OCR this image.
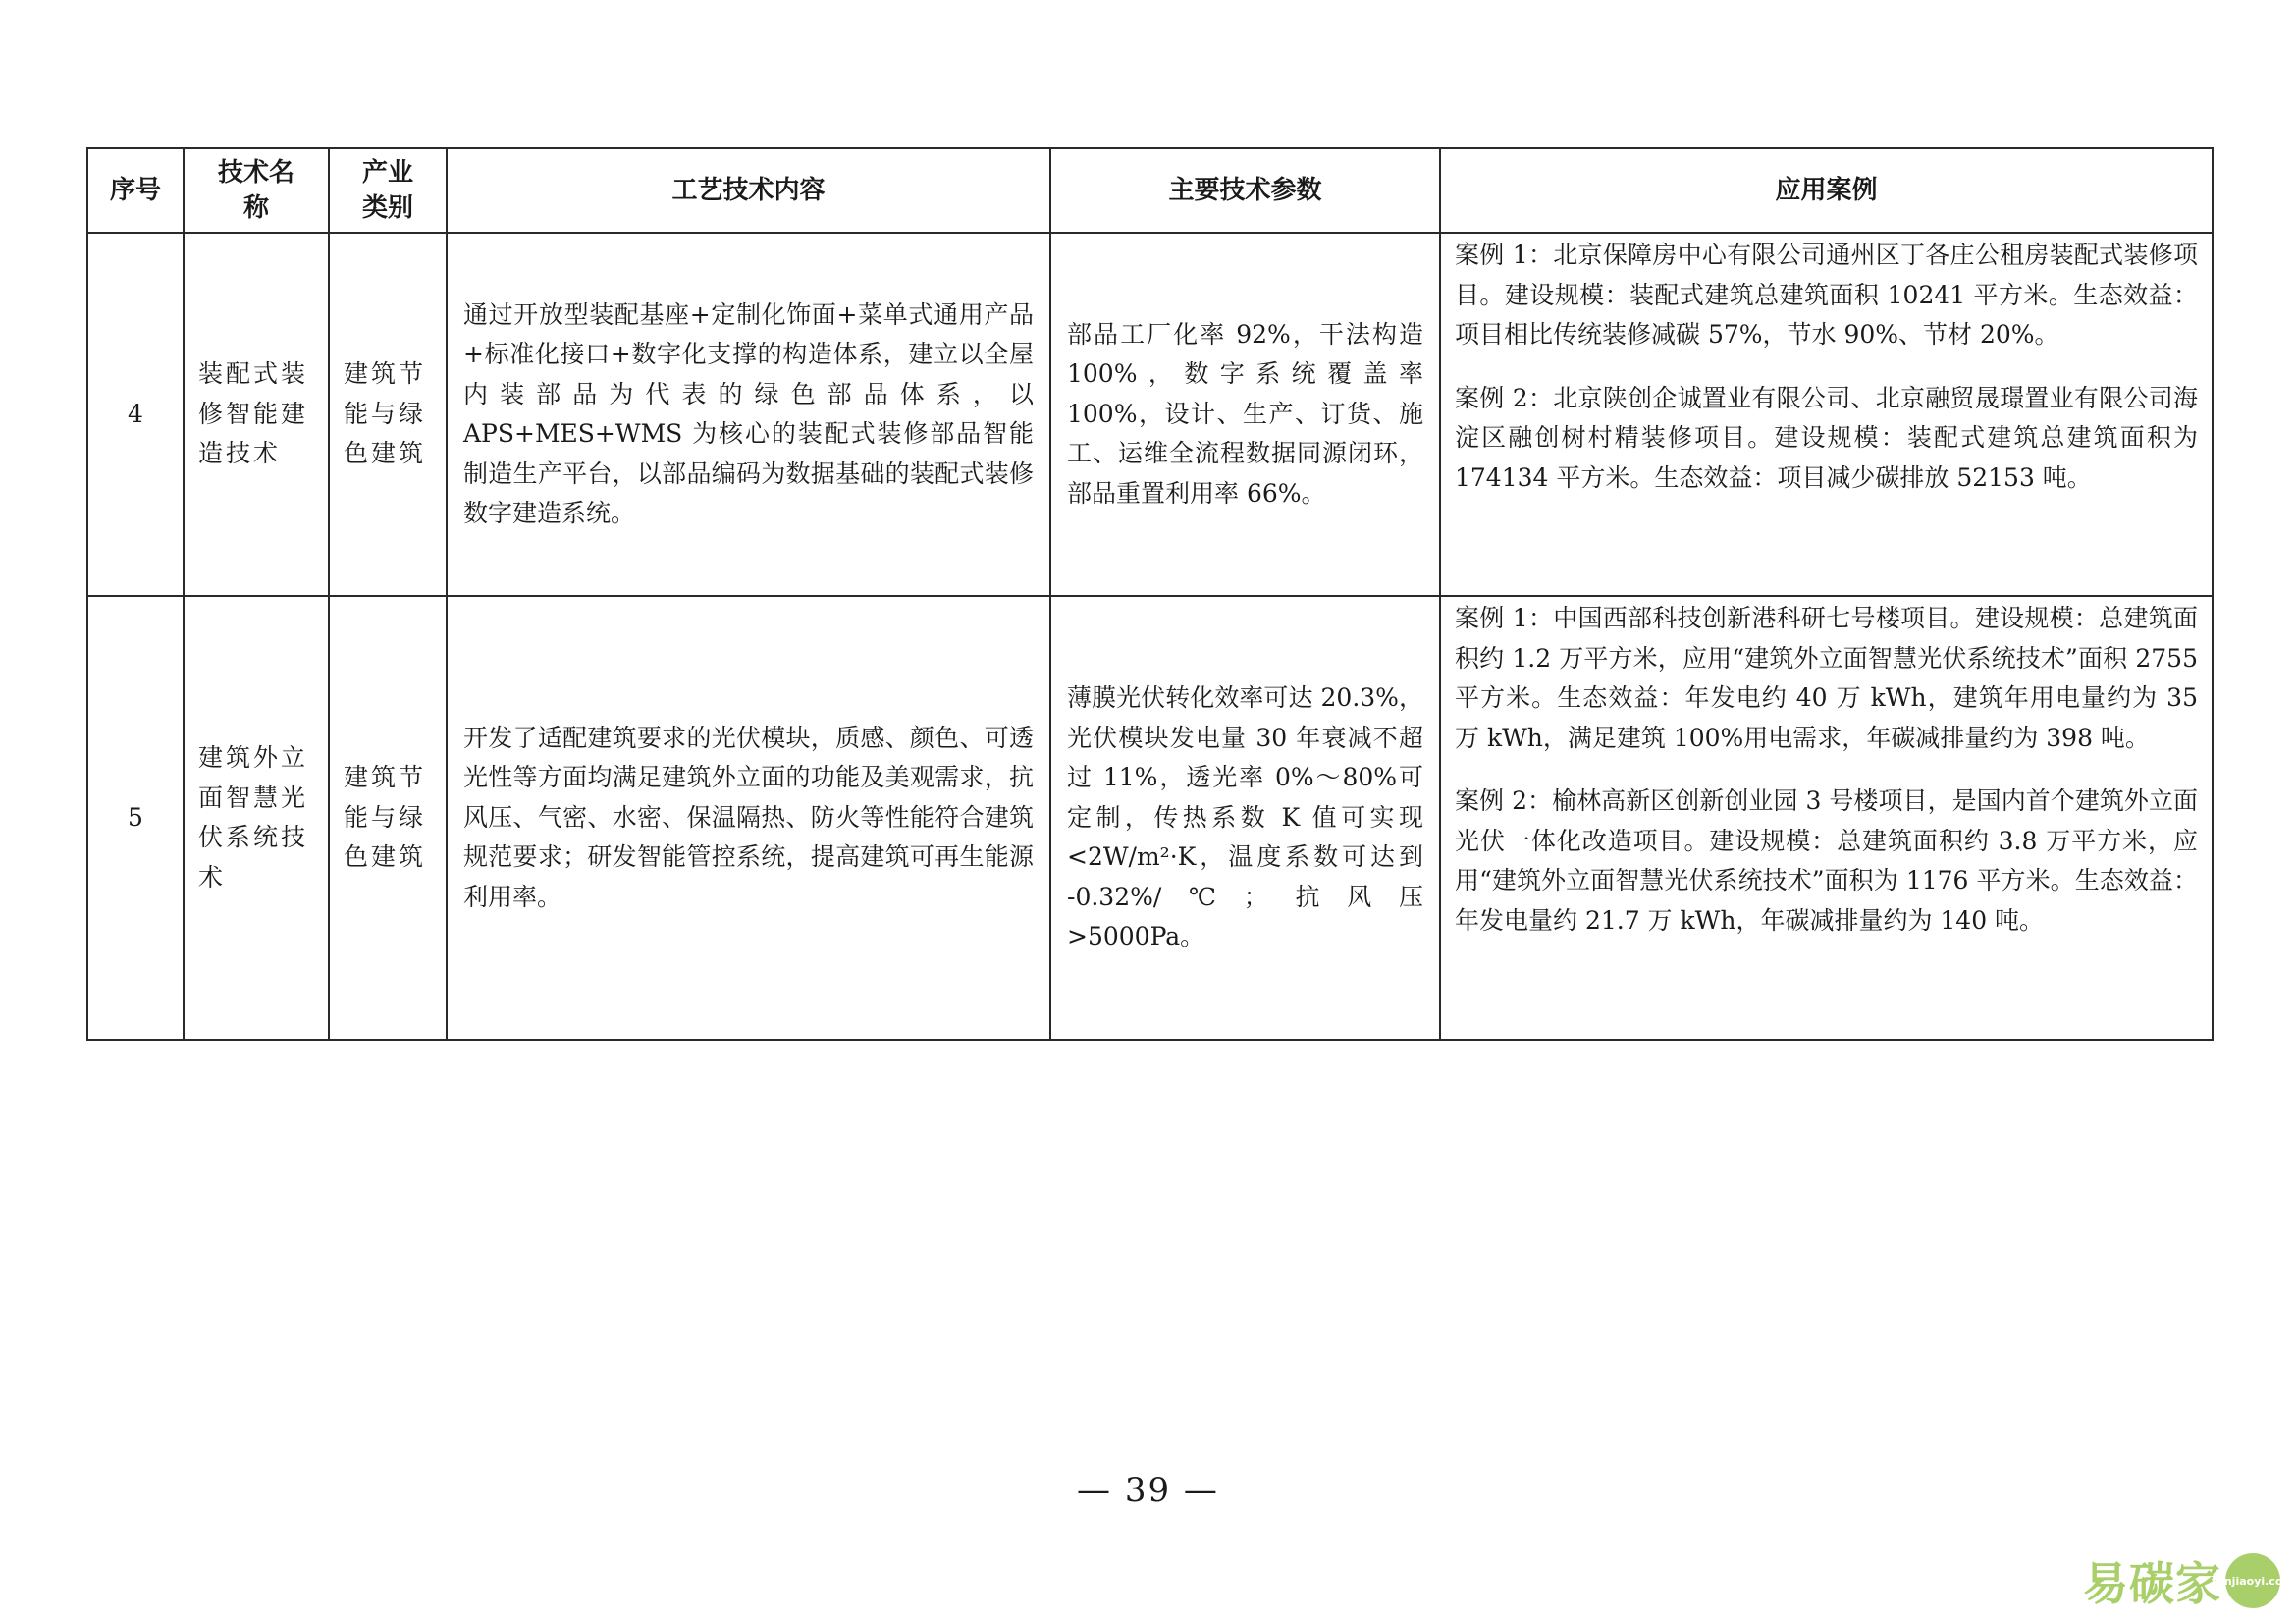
序号	技术名称	产业类别	工艺技术内容	主要技术参数	应用案例
4	装配式装修智能建造技术	建筑节能与绿色建筑	通过开放型装配基座+定制化饰面+菜单式通用产品+标准化接口+数字化支撑的构造体系，建立以全屋内装部品为代表的绿色部品体系，以 APS+MES+WMS 为核心的装配式装修部品智能制造生产平台，以部品编码为数据基础的装配式装修数字建造系统。	部品工厂化率 92%，干法构造 100%，数字系统覆盖率 100%，设计、生产、订货、施工、运维全流程数据同源闭环，部品重置利用率 66%。	案例 1：北京保障房中心有限公司通州区丁各庄公租房装配式装修项目。建设规模：装配式建筑总建筑面积 10241 平方米。生态效益：项目相比传统装修减碳 57%，节水 90%、节材 20%。
案例 2：北京陕创企诚置业有限公司、北京融贸晟璟置业有限公司海淀区融创树村精装修项目。建设规模：装配式建筑总建筑面积为 174134 平方米。生态效益：项目减少碳排放 52153 吨。

5	建筑外立面智慧光伏系统技术	建筑节能与绿色建筑	开发了适配建筑要求的光伏模块，质感、颜色、可透光性等方面均满足建筑外立面的功能及美观需求，抗风压、气密、水密、保温隔热、防火等性能符合建筑规范要求；研发智能管控系统，提高建筑可再生能源利用率。	薄膜光伏转化效率可达 20.3%，光伏模块发电量 30 年衰减不超过 11%，透光率 0%～80%可定制，传热系数 K 值可实现<2W/m²·K，温度系数可达到 -0.32%/℃；抗风压>5000Pa。	案例 1：中国西部科技创新港科研七号楼项目。建设规模：总建筑面积约 1.2 万平方米，应用“建筑外立面智慧光伏系统技术”面积 2755 平方米。生态效益：年发电约 40 万 kWh，建筑年用电量约为 35 万 kWh，满足建筑 100%用电需求，年碳减排量约为 398 吨。
案例 2：榆林高新区创新创业园 3 号楼项目，是国内首个建筑外立面光伏一体化改造项目。建设规模：总建筑面积约 3.8 万平方米，应用“建筑外立面智慧光伏系统技术”面积为 1176 平方米。生态效益：年发电量约 21.7 万 kWh，年碳减排量约为 140 吨。
— 39 —
易碳家
tanjiaoyi.com
